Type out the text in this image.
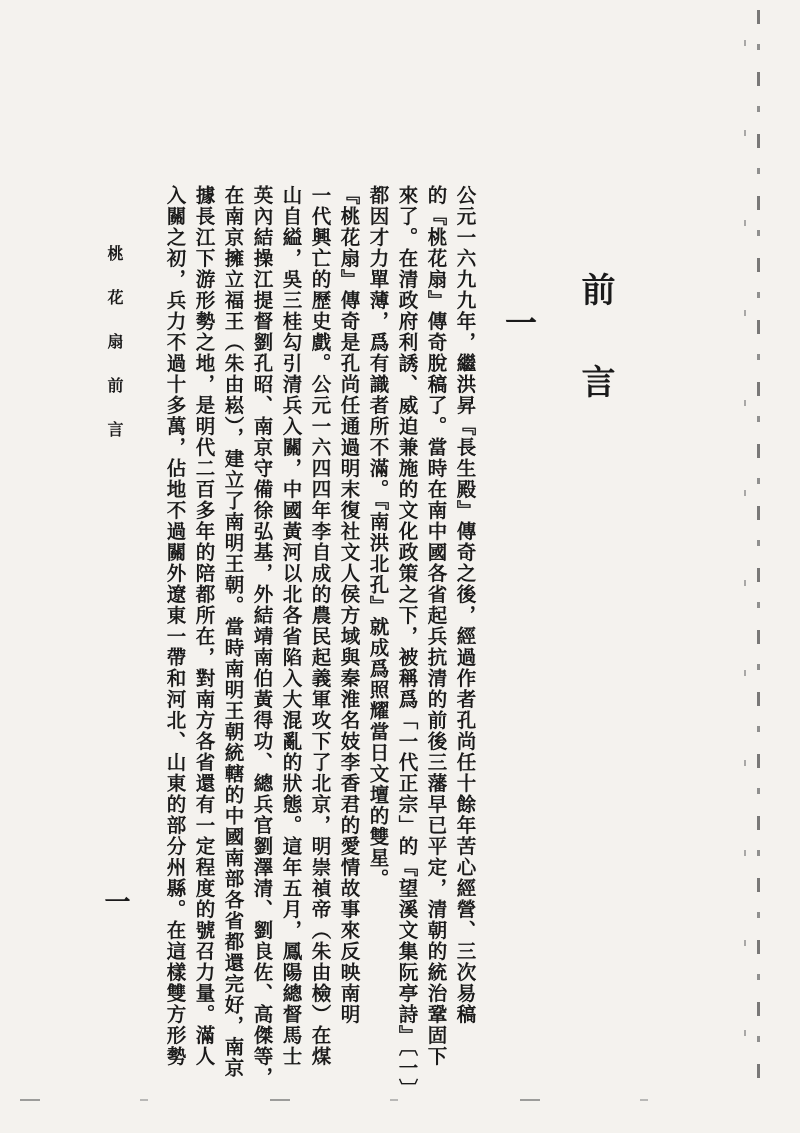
前
言
一
公元一六九九年，繼洪昇『長生殿』傳奇之後，經過作者孔尚任十餘年苦心經營、三次易稿
的『桃花扇』傳奇脫稿了。當時在南中國各省起兵抗清的前後三藩早已平定，清朝的統治鞏固下
來了。在清政府利誘、威迫兼施的文化政策之下，被稱爲「一代正宗」的『望溪文集阮亭詩』〔一〕
都因才力單薄，爲有識者所不滿。『南洪北孔』就成爲照耀當日文壇的雙星。
『桃花扇』傳奇是孔尚任通過明末復社文人侯方域與秦淮名妓李香君的愛情故事來反映南明
一代興亡的歷史戲。公元一六四四年李自成的農民起義軍攻下了北京，明崇禎帝（朱由檢）在煤
山自縊，吳三桂勾引清兵入關，中國黃河以北各省陷入大混亂的狀態。這年五月，鳳陽總督馬士
英內結操江提督劉孔昭、南京守備徐弘基，外結靖南伯黃得功、總兵官劉澤清、劉良佐、高傑等，
在南京擁立福王（朱由崧），建立了南明王朝。當時南明王朝統轄的中國南部各省都還完好，南京
據長江下游形勢之地，是明代二百多年的陪都所在，對南方各省還有一定程度的號召力量。滿人
入關之初，兵力不過十多萬，佔地不過關外遼東一帶和河北、山東的部分州縣。在這樣雙方形勢
桃花扇前言
一
